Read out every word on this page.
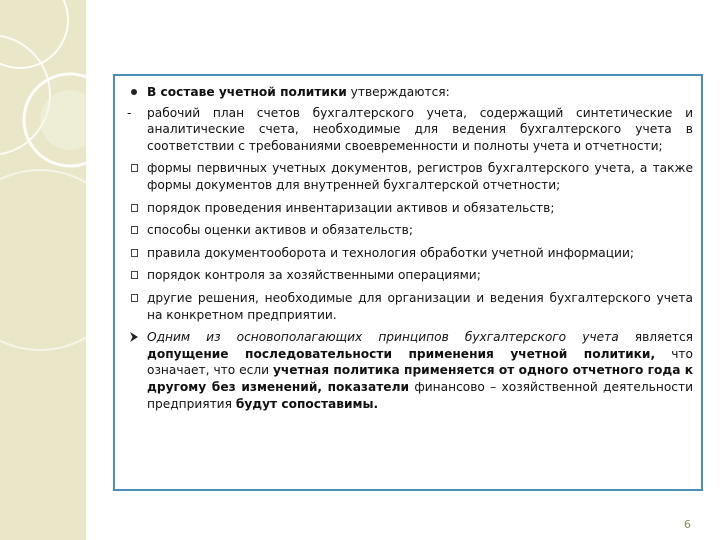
В составе учетной политики утверждаются:
- рабочий план счетов бухгалтерского учета, содержащий синтетические и аналитические счета, необходимые для ведения бухгалтерского учета в соответствии с требованиями своевременности и полноты учета и отчетности;
формы первичных учетных документов, регистров бухгалтерского учета, а также формы документов для внутренней бухгалтерской отчетности;
порядок проведения инвентаризации активов и обязательств;
способы оценки активов и обязательств;
правила документооборота и технология обработки учетной информации;
порядок контроля за хозяйственными операциями;
другие решения, необходимые для организации и ведения бухгалтерского учета на конкретном предприятии.
Одним из основополагающих принципов бухгалтерского учета является допущение последовательности применения учетной политики, что означает, что если учетная политика применяется от одного отчетного года к другому без изменений, показатели финансово – хозяйственной деятельности предприятия будут сопоставимы.
6
